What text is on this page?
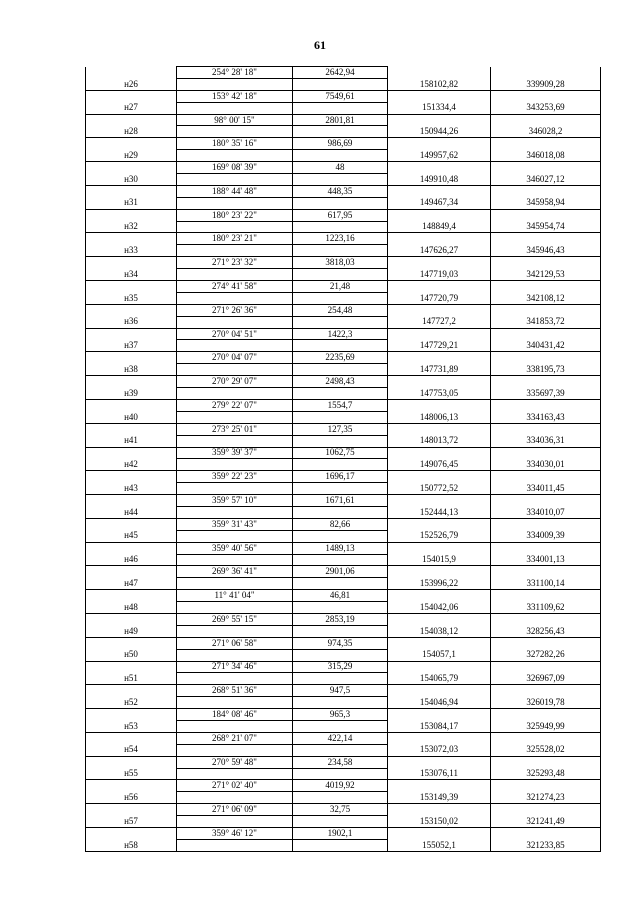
61
	254° 28' 18"	2642,94		
н26			158102,82	339909,28
	153° 42' 18"	7549,61		
н27			151334,4	343253,69
	98° 00' 15"	2801,81		
н28			150944,26	346028,2
	180° 35' 16"	986,69		
н29			149957,62	346018,08
	169° 08' 39"	48		
н30			149910,48	346027,12
	188° 44' 48"	448,35		
н31			149467,34	345958,94
	180° 23' 22"	617,95		
н32			148849,4	345954,74
	180° 23' 21"	1223,16		
н33			147626,27	345946,43
	271° 23' 32"	3818,03		
н34			147719,03	342129,53
	274° 41' 58"	21,48		
н35			147720,79	342108,12
	271° 26' 36"	254,48		
н36			147727,2	341853,72
	270° 04' 51"	1422,3		
н37			147729,21	340431,42
	270° 04' 07"	2235,69		
н38			147731,89	338195,73
	270° 29' 07"	2498,43		
н39			147753,05	335697,39
	279° 22' 07"	1554,7		
н40			148006,13	334163,43
	273° 25' 01"	127,35		
н41			148013,72	334036,31
	359° 39' 37"	1062,75		
н42			149076,45	334030,01
	359° 22' 23"	1696,17		
н43			150772,52	334011,45
	359° 57' 10"	1671,61		
н44			152444,13	334010,07
	359° 31' 43"	82,66		
н45			152526,79	334009,39
	359° 40' 56"	1489,13		
н46			154015,9	334001,13
	269° 36' 41"	2901,06		
н47			153996,22	331100,14
	11° 41' 04"	46,81		
н48			154042,06	331109,62
	269° 55' 15"	2853,19		
н49			154038,12	328256,43
	271° 06' 58"	974,35		
н50			154057,1	327282,26
	271° 34' 46"	315,29		
н51			154065,79	326967,09
	268° 51' 36"	947,5		
н52			154046,94	326019,78
	184° 08' 46"	965,3		
н53			153084,17	325949,99
	268° 21' 07"	422,14		
н54			153072,03	325528,02
	270° 59' 48"	234,58		
н55			153076,11	325293,48
	271° 02' 40"	4019,92		
н56			153149,39	321274,23
	271° 06' 09"	32,75		
н57			153150,02	321241,49
	359° 46' 12"	1902,1		
н58			155052,1	321233,85
